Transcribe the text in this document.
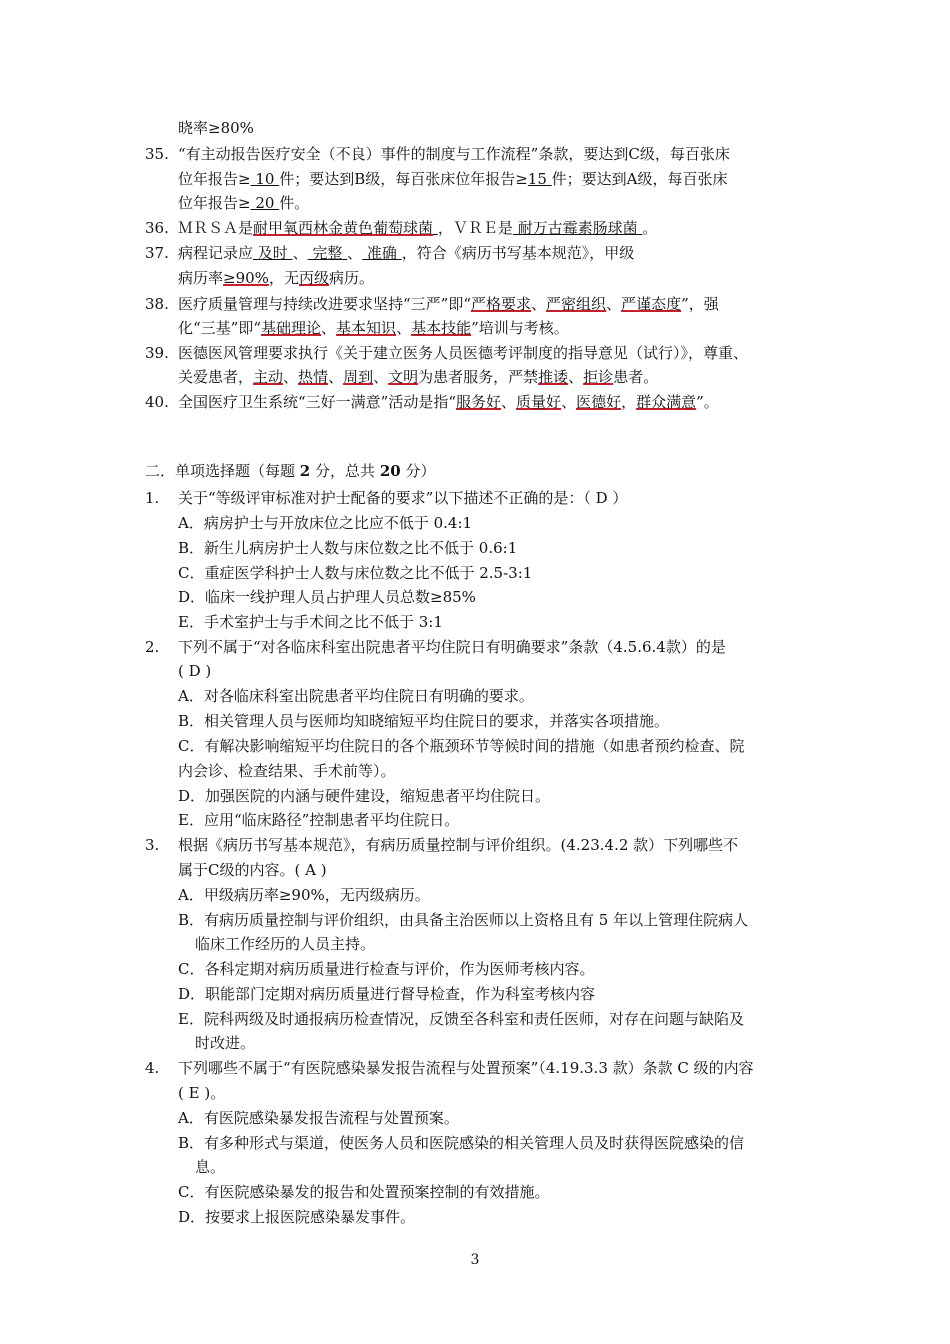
晓率≥80%
35. “有主动报告医疗安全（不良）事件的制度与工作流程”条款，要达到C级，每百张床
位年报告≥ 10 件；要达到B级，每百张床位年报告≥15 件；要达到A级，每百张床
位年报告≥ 20 件。
36. ＭＲＳＡ是耐甲氧西林金黄色葡萄球菌 ，ＶＲＥ是 耐万古霉素肠球菌 。
37. 病程记录应 及时 、 完整 、 准确 ，符合《病历书写基本规范》，甲级
病历率≥90%，无丙级病历。
38. 医疗质量管理与持续改进要求坚持“三严”即“严格要求、严密组织、严谨态度”，强
化“三基”即“基础理论、基本知识、基本技能”培训与考核。
39. 医德医风管理要求执行《关于建立医务人员医德考评制度的指导意见（试行）》，尊重、
关爱患者，主动、热情、周到、文明为患者服务，严禁推诿、拒诊患者。
40. 全国医疗卫生系统“三好一满意”活动是指“服务好、质量好、医德好，群众满意”。
二．单项选择题（每题 2 分，总共 20 分）
1. 关于“等级评审标准对护士配备的要求”以下描述不正确的是：（ D ）
A．病房护士与开放床位之比应不低于 0.4:1
B．新生儿病房护士人数与床位数之比不低于 0.6:1
C．重症医学科护士人数与床位数之比不低于 2.5-3:1
D．临床一线护理人员占护理人员总数≥85%
E．手术室护士与手术间之比不低于 3:1
2. 下列不属于“对各临床科室出院患者平均住院日有明确要求”条款（4.5.6.4款）的是
( D )
A．对各临床科室出院患者平均住院日有明确的要求。
B．相关管理人员与医师均知晓缩短平均住院日的要求，并落实各项措施。
C．有解决影响缩短平均住院日的各个瓶颈环节等候时间的措施（如患者预约检查、院
内会诊、检查结果、手术前等）。
D．加强医院的内涵与硬件建设，缩短患者平均住院日。
E．应用“临床路径”控制患者平均住院日。
3. 根据《病历书写基本规范》，有病历质量控制与评价组织。(4.23.4.2 款）下列哪些不
属于C级的内容。( A )
A．甲级病历率≥90%，无丙级病历。
B．有病历质量控制与评价组织，由具备主治医师以上资格且有 5 年以上管理住院病人
临床工作经历的人员主持。
C．各科定期对病历质量进行检查与评价，作为医师考核内容。
D．职能部门定期对病历质量进行督导检查，作为科室考核内容
E．院科两级及时通报病历检查情况，反馈至各科室和责任医师，对存在问题与缺陷及
时改进。
4. 下列哪些不属于“有医院感染暴发报告流程与处置预案”（4.19.3.3 款）条款 C 级的内容
( E )。
A．有医院感染暴发报告流程与处置预案。
B．有多种形式与渠道，使医务人员和医院感染的相关管理人员及时获得医院感染的信
息。
C．有医院感染暴发的报告和处置预案控制的有效措施。
D．按要求上报医院感染暴发事件。
3
